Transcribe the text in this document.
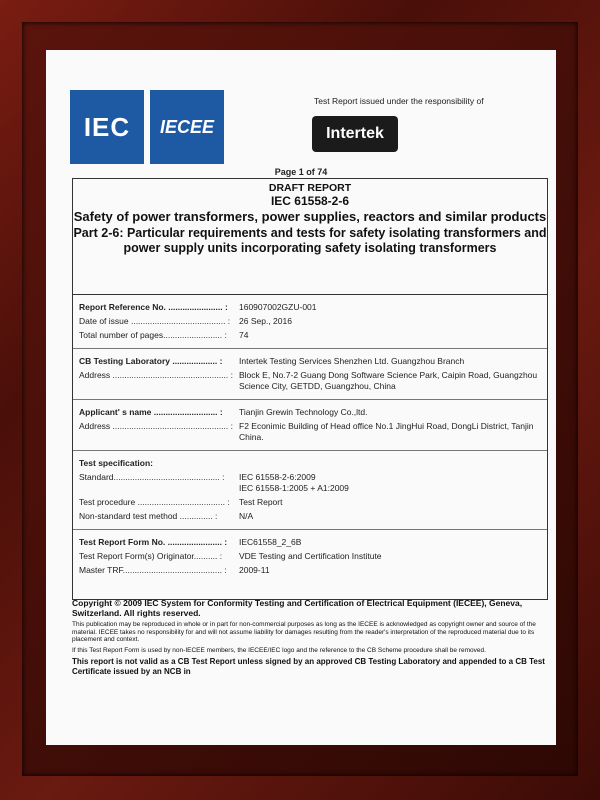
IEC IECEE
Test Report issued under the responsibility of
Intertek
Page 1 of 74
DRAFT REPORT
IEC 61558-2-6
Safety of power transformers, power supplies, reactors and similar products
Part 2-6: Particular requirements and tests for safety isolating transformers and power supply units incorporating safety isolating transformers
Report Reference No. ....................... :	160907002GZU-001
Date of issue ........................................ :	26 Sep., 2016
Total number of pages......................... :	74
CB Testing Laboratory ................... :	Intertek Testing Services Shenzhen Ltd. Guangzhou Branch
Address ................................................. : Block E, No.7-2 Guang Dong Software Science Park, Caipin Road, Guangzhou Science City, GETDD, Guangzhou, China
Applicant' s name ........................... :	Tianjin Grewin Technology Co.,ltd.
Address ................................................. : F2 Econimic Building of Head office No.1 JingHui Road, DongLi District, Tanjin China.
Test specification:
Standard............................................. :	IEC 61558-2-6:2009
IEC 61558-1:2005 + A1:2009
Test procedure ..................................... :	Test Report
Non-standard test method .............. :	N/A
Test Report Form No. ....................... :	IEC61558_2_6B
Test Report Form(s) Originator.......... :	VDE Testing and Certification Institute
Master TRF.......................................... :	2009-11
Copyright © 2009 IEC System for Conformity Testing and Certification of Electrical Equipment (IECEE), Geneva, Switzerland. All rights reserved.
This publication may be reproduced in whole or in part for non-commercial purposes as long as the IECEE is acknowledged as copyright owner and source of the material. IECEE takes no responsibility for and will not assume liability for damages resulting from the reader's interpretation of the reproduced material due to its placement and context.
If this Test Report Form is used by non-IECEE members, the IECEE/IEC logo and the reference to the CB Scheme procedure shall be removed.
This report is not valid as a CB Test Report unless signed by an approved CB Testing Laboratory and appended to a CB Test Certificate issued by an NCB in
